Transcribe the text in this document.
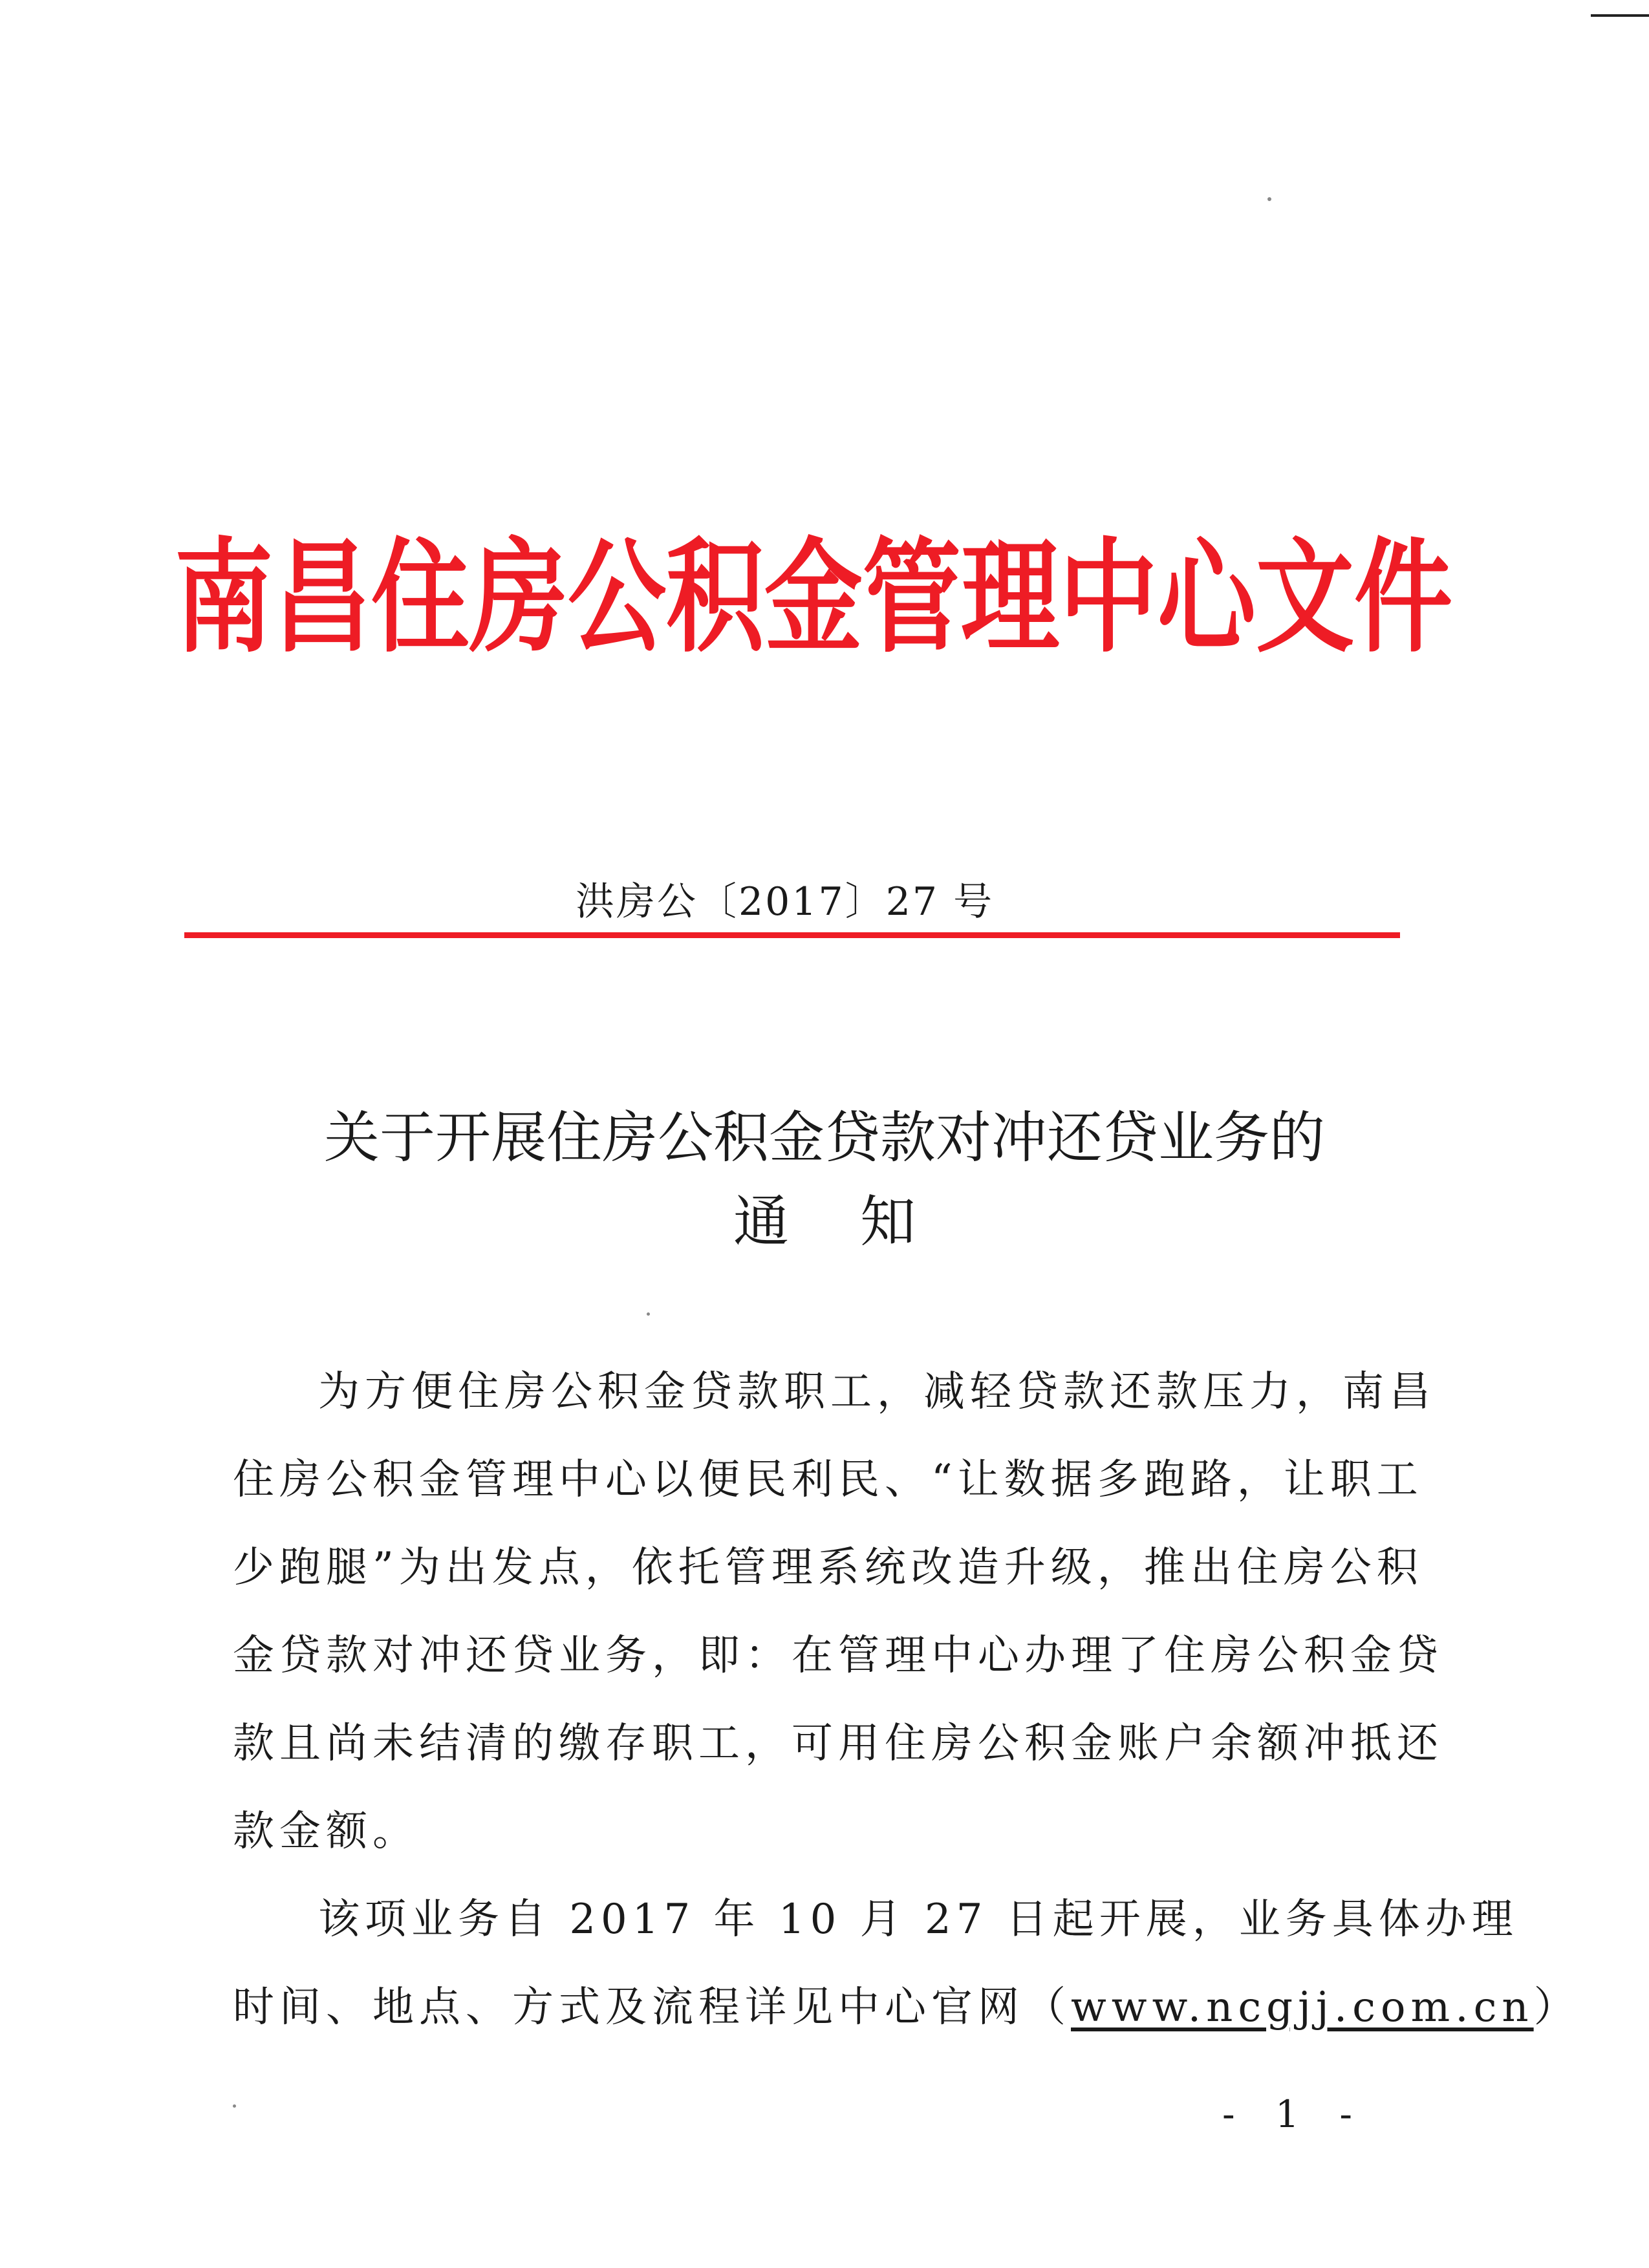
南昌住房公积金管理中心文件
洪房公〔2017〕27 号
关于开展住房公积金贷款对冲还贷业务的
通知

为方便住房公积金贷款职工，减轻贷款还款压力，南昌
住房公积金管理中心以便民利民、“让数据多跑路，让职工
少跑腿”为出发点，依托管理系统改造升级，推出住房公积
金贷款对冲还贷业务，即：在管理中心办理了住房公积金贷
款且尚未结清的缴存职工，可用住房公积金账户余额冲抵还
款金额。

该项业务自 2017 年 10 月 27 日起开展，业务具体办理
时间、地点、方式及流程详见中心官网（www.ncgjj.com.cn）

- 1 -
